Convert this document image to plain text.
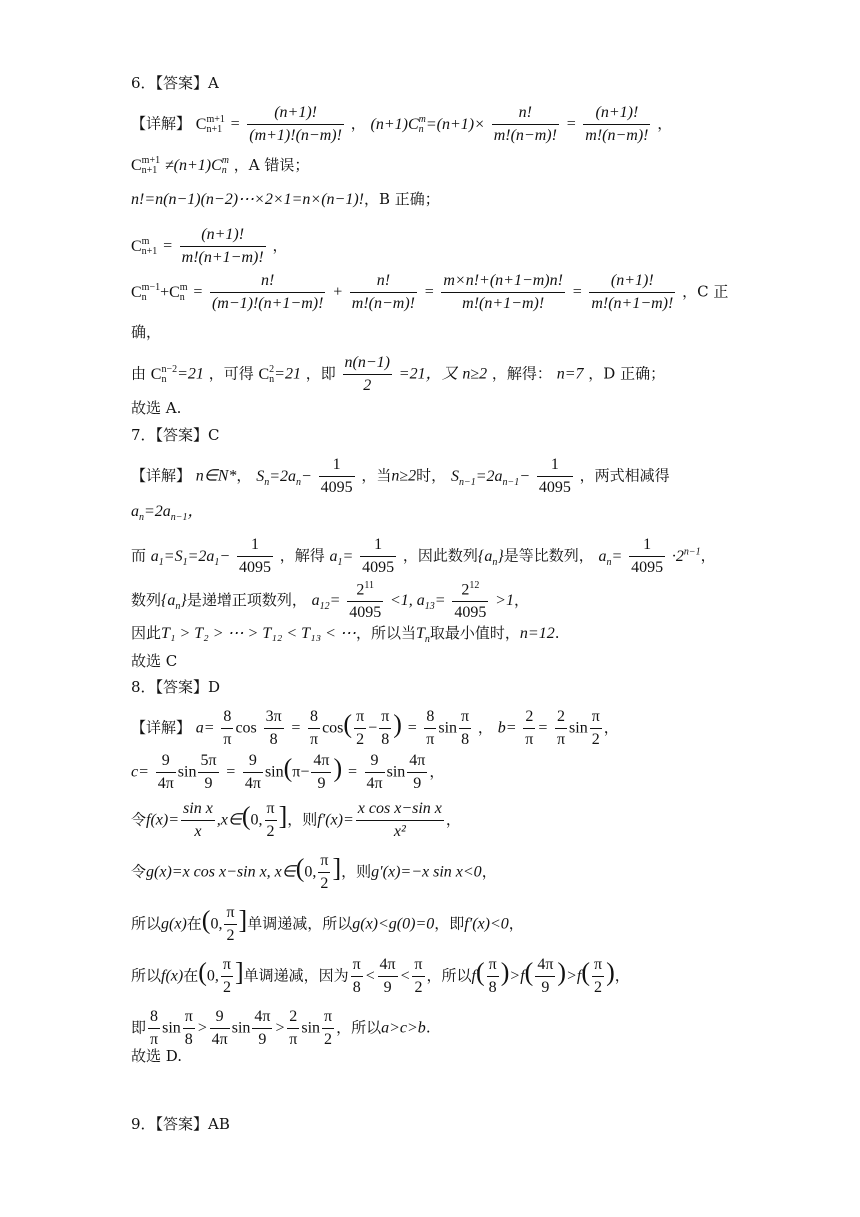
6．【答案】A
【详解】 C m+1
$n+1 = \frac{(n+1)!}{(m+1)!(n-m)!}$ ， (n+1)C m
$n =(n+1)\times \frac{n!}{m!(n-m)!} = \frac{(n+1)!}{m!(n-m)!}$ ，
C m+1
n+1 ≠(n+1)C m
n ，A 错误；
n!=n(n−1)(n−2)⋯×2×1=n×(n−1)!，B 正确；
C m
$n+1 = \frac{(n+1)!}{m!(n+1-m)!}$ ，
C m−1
n +C m
$n = \frac{n!}{(m-1)!(n+1-m)!} + \frac{n!}{m!(n-m)!} = \frac{m\times n!+(n+1-m)n!}{m!(n+1-m)!} = \frac{(n+1)!}{m!(n+1-m)!}$ ，C 正
确，
由 C n−2
n =21 ，可得 C 2
n =21 ，即 $\frac{n(n-1)}{2} =21$，又 n≥2 ，解得： n=7 ，D 正确；
故选 A.
7．【答案】C
【详解】 n∈N*， $S_n=2a_n- \frac{1}{4095}$ ，当n≥2时， $S_{n-1}=2a_{n-1}- \frac{1}{4095}$ ，两式相减得
$a_n=2a_{n-1}$，
而 $a_1=S_1=2a_1- \frac{1}{4095}$ ，解得 $a_1= \frac{1}{4095}$ ，因此数列$\{a_n\}$是等比数列， $a_n= \frac{1}{4095} \cdot 2^{n-1}$，
数列$\{a_n\}$是递增正项数列， $a_{12}= \frac{2^{11}}{4095} <1$, $a_{13}= \frac{2^{12}}{4095} >1$，
因此T₁ > T₂ > ⋯ > T₁₂ < T₁₃ < ⋯，所以当$T_n$取最小值时，n=12.
故选 C
8．【答案】D
【详解】 $a= \frac{8}{\pi}$ $\cos \frac{3\pi}{8} = \frac{8}{\pi} \cos( \frac{\pi}{2} - \frac{\pi}{8}$ ) = $\frac{8}{\pi}$ $\sin \frac{\pi}{8}$ ， $b= \frac{2}{\pi} = \frac{2}{\pi}$ $\sin \frac{\pi}{2}$ ，
$c= \frac{9}{4\pi}$ $\sin \frac{5\pi}{9} = \frac{9}{4\pi} \sin(\pi- \frac{4\pi}{9}$ ) = $\frac{9}{4\pi}$ $\sin \frac{4\pi}{9}$ ，
令$f(x)= \frac{\text{sin x}}{x}$ ,x∈(0, $\frac{\pi}{2}$ ]，则$f'(x)= \frac{\text{x cos x−sin x}}{\text{x²}}$ ，
令g(x)=x cos x−sin x, x∈(0, $\frac{\pi}{2}$ ]，则g′(x)=−x sin x<0，
所以g(x)在(0, $\frac{\pi}{2}$ ]单调递减，所以g(x)<g(0)=0，即f′(x)<0，
所以f(x)在(0, $\frac{\pi}{2}$ ]单调递减，因为 $\frac{\pi}{8} < \frac{4\pi}{9} < \frac{\pi}{2}$ ，所以$f( \frac{\pi}{8} )>f( \frac{4\pi}{9} )>f( \frac{\pi}{2}$ )，
即 $\frac{8}{\pi}$ $\sin \frac{\pi}{8} > \frac{9}{4\pi}$ $\sin \frac{4\pi}{9} > \frac{2}{\pi}$ $\sin \frac{\pi}{2}$ ，所以a>c>b.
故选 D.
9．【答案】AB
